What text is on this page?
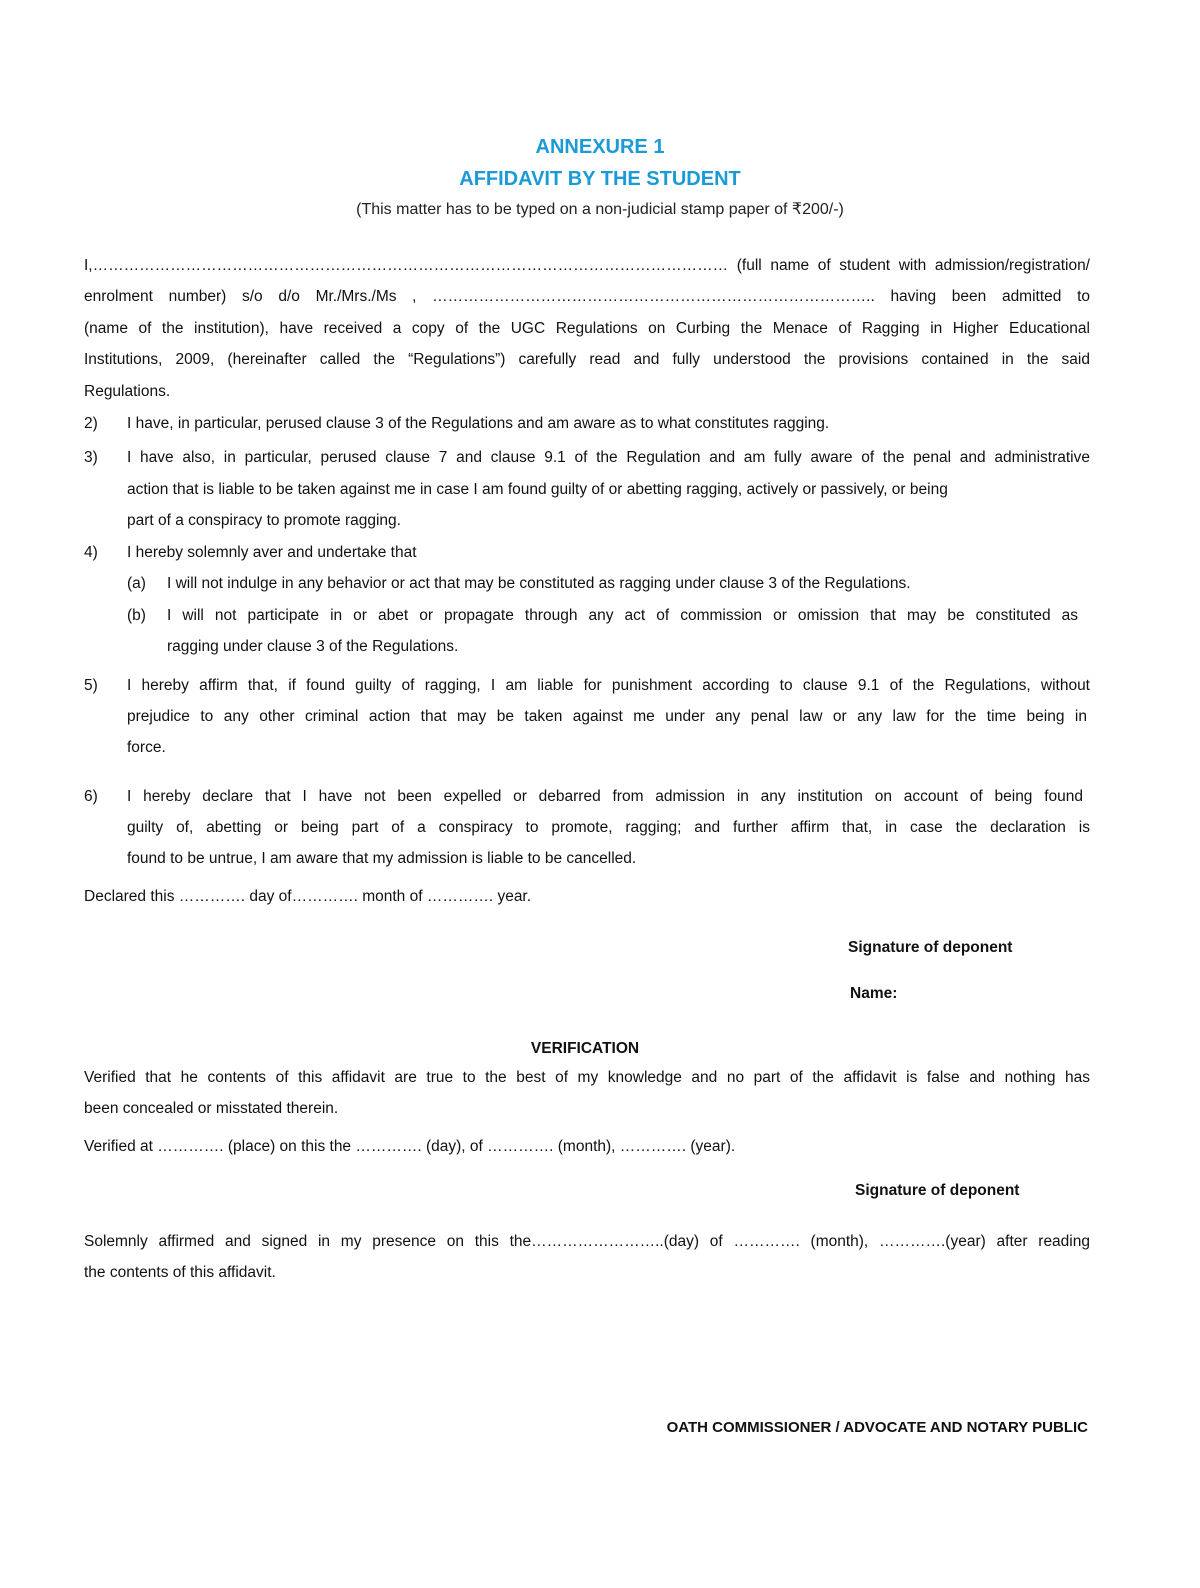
ANNEXURE 1
AFFIDAVIT BY THE STUDENT
(This matter has to be typed on a non-judicial stamp paper of ₹200/-)
I,…………………………………………………………………………………………………………… (full name of student with admission/registration/
enrolment number) s/o d/o Mr./Mrs./Ms , ………………………………………………………………………….. having been admitted to
(name of the institution), have received a copy of the UGC Regulations on Curbing the Menace of Ragging in Higher Educational
Institutions, 2009, (hereinafter called the “Regulations”) carefully read and fully understood the provisions contained in the said
Regulations.
2) I have, in particular, perused clause 3 of the Regulations and am aware as to what constitutes ragging.
3) I have also, in particular, perused clause 7 and clause 9.1 of the Regulation and am fully aware of the penal and administrative
action that is liable to be taken against me in case I am found guilty of or abetting ragging, actively or passively, or being
part of a conspiracy to promote ragging.
4) I hereby solemnly aver and undertake that
(a) I will not indulge in any behavior or act that may be constituted as ragging under clause 3 of the Regulations.
(b) I will not participate in or abet or propagate through any act of commission or omission that may be constituted as
ragging under clause 3 of the Regulations.
5) I hereby affirm that, if found guilty of ragging, I am liable for punishment according to clause 9.1 of the Regulations, without
prejudice to any other criminal action that may be taken against me under any penal law or any law for the time being in
force.
6) I hereby declare that I have not been expelled or debarred from admission in any institution on account of being found
guilty of, abetting or being part of a conspiracy to promote, ragging; and further affirm that, in case the declaration is
found to be untrue, I am aware that my admission is liable to be cancelled.
Declared this …………. day of…………. month of …………. year.
Signature of deponent
Name:
VERIFICATION
Verified that he contents of this affidavit are true to the best of my knowledge and no part of the affidavit is false and nothing has
been concealed or misstated therein.
Verified at …………. (place) on this the …………. (day), of …………. (month), …………. (year).
Signature of deponent
Solemnly affirmed and signed in my presence on this the……………………..(day) of …………. (month), ………….(year) after reading
the contents of this affidavit.
OATH COMMISSIONER / ADVOCATE AND NOTARY PUBLIC
